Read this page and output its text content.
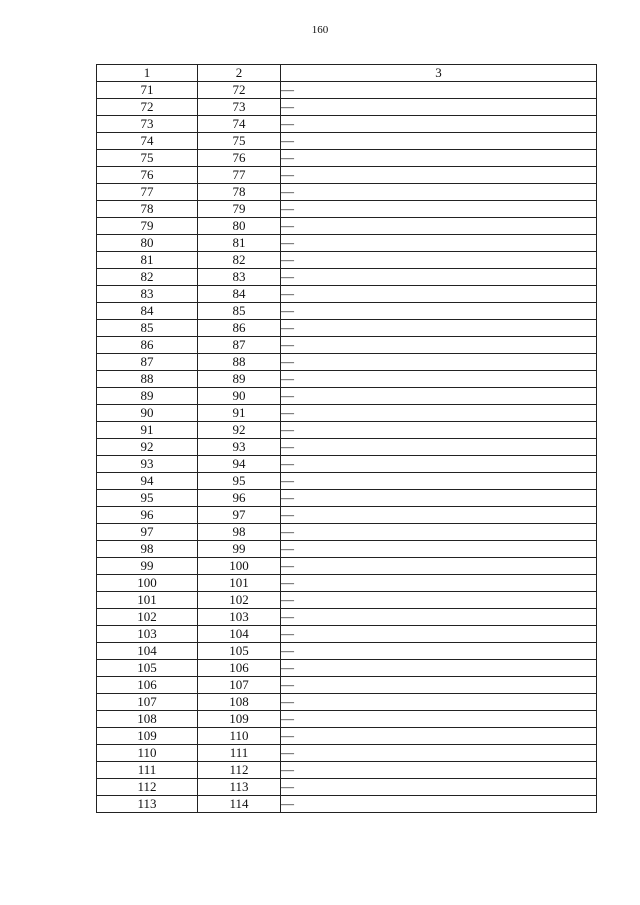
160
1	2	3
71	72	—
72	73	—
73	74	—
74	75	—
75	76	—
76	77	—
77	78	—
78	79	—
79	80	—
80	81	—
81	82	—
82	83	—
83	84	—
84	85	—
85	86	—
86	87	—
87	88	—
88	89	—
89	90	—
90	91	—
91	92	—
92	93	—
93	94	—
94	95	—
95	96	—
96	97	—
97	98	—
98	99	—
99	100	—
100	101	—
101	102	—
102	103	—
103	104	—
104	105	—
105	106	—
106	107	—
107	108	—
108	109	—
109	110	—
110	111	—
111	112	—
112	113	—
113	114	—
